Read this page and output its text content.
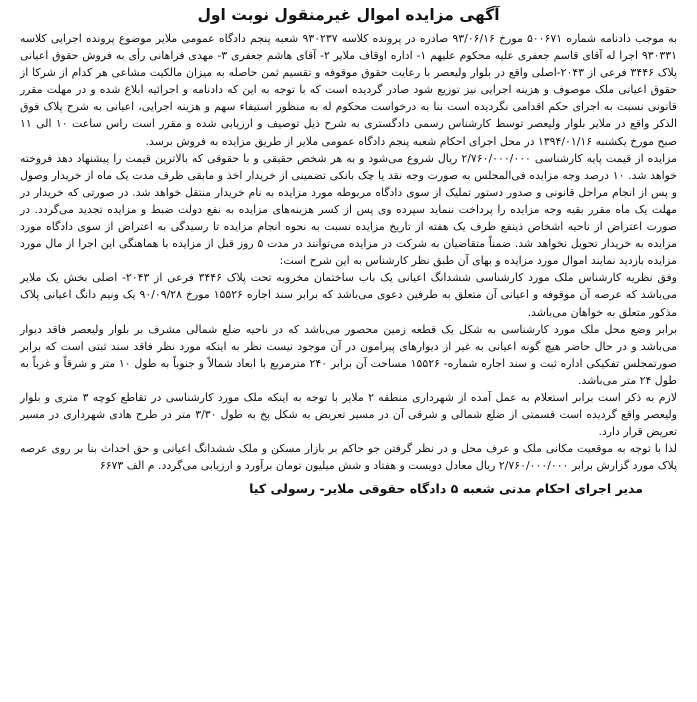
آگهی مزایده اموال غیرمنقول نوبت اول

به موجب دادنامه شماره ۵۰۰۶۷۱ مورخ ۹۳/۰۶/۱۶ صادره در پرونده کلاسه ۹۳۰۲۳۷ شعبه پنجم دادگاه عمومی ملایر موضوع پرونده اجرایی کلاسه ۹۳۰۳۳۱ اجرا له آقای قاسم جعفری علیه محکوم علیهم ۱- اداره اوقاف ملایر ۲- آقای هاشم جعفری ۳- مهدی فراهانی رأی به فروش حقوق اعیانی پلاک ۳۴۴۶ فرعی از ۲۰۴۳-اصلی واقع در بلوار ولیعصر با رعایت حقوق موقوفه و تقسیم ثمن حاصله به میزان مالکیت مشاعی هر کدام از شرکا از حقوق اعیانی ملک موصوف و هزینه اجرایی نیز توزیع شود صادر گردیده است که با توجه به این که دادنامه و اجرائیه ابلاغ شده و در مهلت مقرر قانونی نسبت به اجرای حکم اقدامی نگردیده است بنا به درخواست محکوم له به منظور استیفاء سهم و هزینه اجرایی، اعیانی به شرح پلاک فوق الذکر واقع در ملایر بلوار ولیعصر توسط کارشناس رسمی دادگستری به شرح ذیل توصیف و ارزیابی شده و مقرر است راس ساعت ۱۰ الی ۱۱ صبح مورخ یکشنبه ۱۳۹۴/۰۱/۱۶ در محل اجرای احکام شعبه پنجم دادگاه عمومی ملایر از طریق مزایده به فروش برسد.

مزایده از قیمت پایه کارشناسی ۲/۷۶۰/۰۰۰/۰۰۰ ریال شروع می‌شود و به هر شخص حقیقی و با حقوقی که بالاترین قیمت را پیشنهاد دهد فروخته خواهد شد. ۱۰ درصد وجه مزایده فی‌المجلس به صورت وجه نقد یا چک بانکی تضمینی از خریدار اخذ و مابقی ظرف مدت یک ماه از خریدار وصول و پس از انجام مراحل قانونی و صدور دستور تملیک از سوی دادگاه مربوطه مورد مزایده به نام خریدار منتقل خواهد شد. در صورتی که خریدار در مهلت یک ماه مقرر بقیه وجه مزایده را پرداخت ننماید سپرده وی پس از کسر هزینه‌های مزایده به نفع دولت ضبط و مزایده تجدید می‌گردد. در صورت اعتراض از ناحیه اشخاص ذینفع ظرف یک هفته از تاریخ مزایده نسبت به نحوه انجام مزایده تا رسیدگی به اعتراض از سوی دادگاه مورد مزایده به خریدار تحویل نخواهد شد. ضمناً متقاضیان به شرکت در مزایده می‌توانند در مدت ۵ روز قبل از مزایده با هماهنگی این اجرا از مال مورد مزایده بازدید نمایند اموال مورد مزایده و بهای آن طبق نظر کارشناس به این شرح است:

وفق نظریه کارشناس ملک مورد کارشناسی ششدانگ اعیانی یک باب ساختمان مخروبه تحت پلاک ۳۴۴۶ فرعی از ۲۰۴۳- اصلی بخش یک ملایر می‌باشد که عرصه آن موقوفه و اعیانی آن متعلق به طرفین دعوی می‌باشد که برابر سند اجاره ۱۵۵۲۶ مورخ ۹۰/۰۹/۲۸ یک ونیم دانگ اعیانی پلاک مذکور متعلق به خواهان می‌باشد.

برابر وضع محل ملک مورد کارشناسی به شکل یک قطعه زمین محصور می‌باشد که در ناحیه ضلع شمالی مشرف بر بلوار ولیعصر فاقد دیوار می‌باشد و در حال حاضر هیچ گونه اعیانی به غیر از دیوارهای پیرامون در آن موجود نیست نظر به اینکه مورد نظر فاقد سند ثبتی است که برابر صورتمجلس تفکیکی اداره ثبت و سند اجاره شماره- ۱۵۵۲۶ مساحت آن برابر ۲۴۰ مترمربع با ابعاد شمالاً و جنوباً به طول ۱۰ متر و شرقاً و غرباً به طول ۲۴ متر می‌باشد.

لازم به ذکر است برابر استعلام به عمل آمده از شهرداری منطقه ۲ ملایر با توجه به اینکه ملک مورد کارشناسی در تقاطع کوچه ۳ متری و بلوار ولیعصر واقع گردیده است قسمتی از ضلع شمالی و شرقی آن در مسیر تعریض به شکل پخ به طول ۳/۳۰ متر در طرح هادی شهرداری در مسیر تعریض قرار دارد.

لذا با توجه به موقعیت مکانی ملک و عرف محل و در نظر گرفتن جو حاکم بر بازار مسکن و ملک ششدانگ اعیانی و حق احداث بنا بر روی عرصه پلاک مورد گزارش برابر ۲/۷۶۰/۰۰۰/۰۰۰ ریال معادل دویست و هفتاد و شش میلیون تومان برآورد و ارزیابی می‌گردد. م الف ۶۶۷۳

مدیر اجرای احکام مدنی شعبه ۵ دادگاه حقوقی ملایر- رسولی کیا
